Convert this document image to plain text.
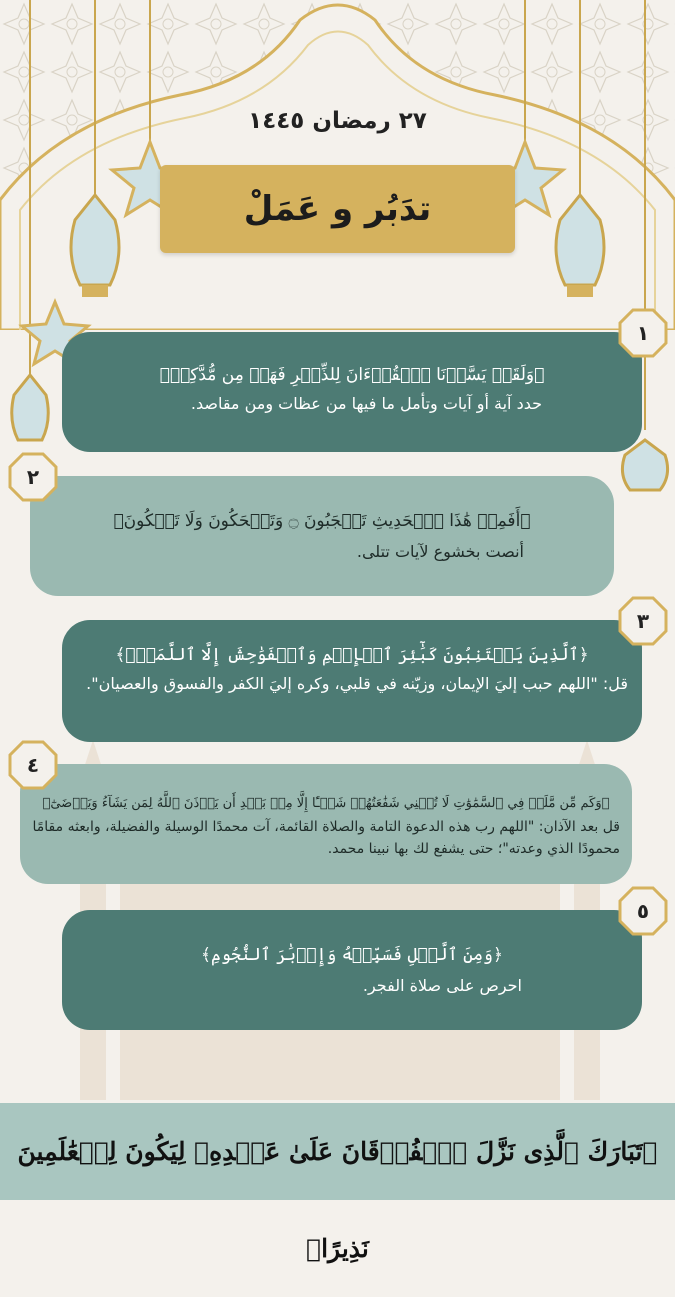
٢٧ رمضان ١٤٤٥
تدَبُر و عَمَلْ
﴿وَلَقَدۡ يَسَّرۡنَا ٱلۡقُرۡءَانَ لِلذِّكۡرِ فَهَلۡ مِن مُّدَّكِرٖ﴾
حدد آية أو آيات وتأمل ما فيها من عظات ومن مقاصد.
١
﴿أَفَمِنۡ هَٰذَا ٱلۡحَدِيثِ تَعۡجَبُونَ ۝ وَتَضۡحَكُونَ وَلَا تَبۡكُونَ﴾
أنصت بخشوع لآيات تتلى.
٢
﴿ٱلَّذِينَ يَجۡتَنِبُونَ كَبَٰٓئِرَ ٱلۡإِثۡمِ وَٱلۡفَوَٰحِشَ إِلَّا ٱللَّمَمَۚ﴾
قل: "اللهم حبب إليَ الإيمان، وزيّنه في قلبي، وكره إليَ الكفر والفسوق والعصيان".
٣
﴿وَكَم مِّن مَّلَكٖ فِي ٱلسَّمَٰوَٰتِ لَا تُغۡنِي شَفَٰعَتُهُمۡ شَيۡـًٔا إِلَّا مِنۢ بَعۡدِ أَن يَأۡذَنَ ٱللَّهُ لِمَن يَشَآءُ وَيَرۡضَىٰٓ﴾
قل بعد الآذان: "اللهم رب هذه الدعوة التامة والصلاة القائمة، آت محمدًا الوسيلة والفضيلة، وابعثه مقامًا محمودًا الذي وعدته"؛ حتى يشفع لك بها نبينا محمد.
٤
﴿وَمِنَ ٱلَّيۡلِ فَسَبِّحۡهُ وَإِدۡبَٰرَ ٱلنُّجُومِ﴾
احرص على صلاة الفجر.
٥
﴿تَبَارَكَ ٱلَّذِى نَزَّلَ ٱلۡفُرۡقَانَ عَلَىٰ عَبۡدِهِۦ لِيَكُونَ لِلۡعَٰلَمِينَ نَذِيرًا﴾
